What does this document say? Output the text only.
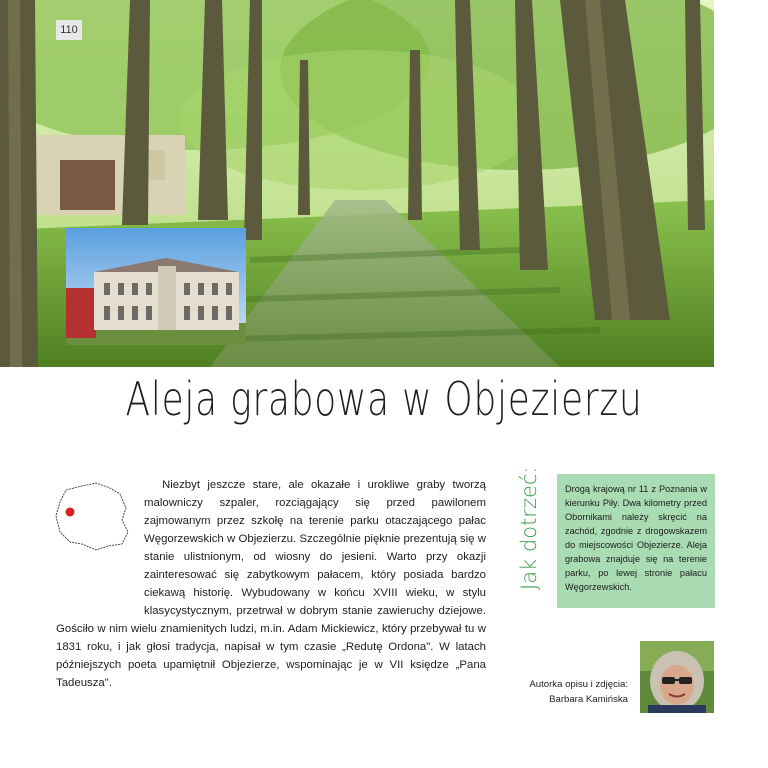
110
Aleja grabowa w Objezierzu

Niezbyt jeszcze stare, ale okazałe i urokliwe graby tworzą malowniczy szpaler, rozciągający się przed pawilonem zajmowanym przez szkołę na terenie parku otaczającego pałac Węgorzewskich w Objezierzu. Szczególnie pięknie prezentują się w stanie ulistnionym, od wiosny do jesieni. Warto przy okazji zainteresować się zabytkowym pałacem, który posiada bardzo ciekawą historię. Wybudowany w końcu XVIII wieku, w stylu klasycystycznym, przetrwał w dobrym stanie zawieruchy dziejowe. Gościło w nim wielu znamienitych ludzi, m.in. Adam Mickiewicz, który przebywał tu w 1831 roku, i jak głosi tradycja, napisał w tym czasie „Redutę Ordona". W latach późniejszych poeta upamiętnił Objezierze, wspominając je w VII księdze „Pana Tadeusza".

Jak dotrzeć:	Drogą krajową nr 11 z Poznania w kierunku Piły. Dwa kilometry przed Obornikami należy skręcić na zachód, zgodnie z drogowskazem do miejscowości Objezierze. Aleja grabowa znajduje się na terenie parku, po lewej stronie pałacu Węgorzewskich.
Autorka opisu i zdjęcia:
Barbara Kamińska
